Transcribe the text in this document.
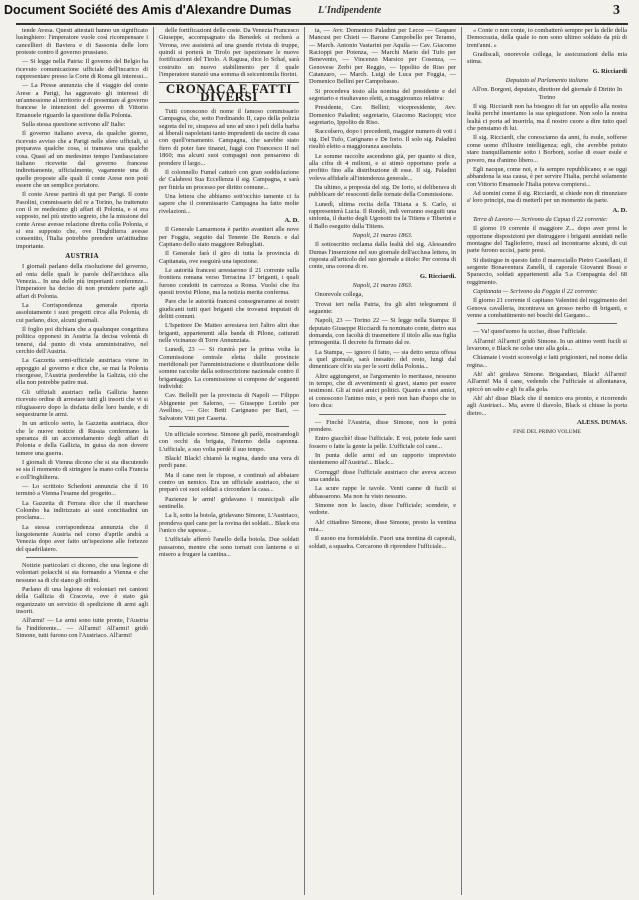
Document Société des Amis d'Alexandre Dumas	L'Indipendente	3

tende Avesa. Questi attestati hanno un significato lusinghiero: l'imperatore vuole così ricompensare i cancellieri di Baviera e di Sassonia delle loro proteste contro il governo prussiano.

— Si legge nella Patria: Il governo del Belgio ha ricevuto comunicazione ufficiale dell'incarico di rappresentare presso la Corte di Roma gli interessi...

— La Presse annunzia che il viaggio del conte Arese a Parigi, ha aggravato gli interessi di un'annessione al territorio e di presentare al governo francese le intenzioni del governo di Vittorio Emanuele riguardo la questione della Polonia.

Sulla stessa questione scrivono all' Italie:

Il governo italiano aveva, da qualche giorno, ricevuto avviso che a Parigi nelle sfere ufficiali, si preparava qualche cosa, si tramava una qualche cosa. Quasi ad un medesimo tempo l'ambasciatore italiano ricevette dal governo francese indirettamente, ufficialmente, vagamente una di quelle proposte alle quali il conte Arese non poté essere che un semplice portatore.

Il conte Arese partirà di qui per Parigi. Il conte Pasolini, commissario del re a Torino, ha trattenuto con il re medesimo gli affari di Polonia, e si era supposto, nel più stretto segreto, che la missione del conte Arese avesse relazione diretta colla Polonia, e si era supposto che, ove l'Inghilterra avesse consentito, l'Italia potrebbe prendere un'attitudine importante.

AUSTRIA

I giornali parlano della risoluzione del governo, ad onta delle quali le parole dell'arciduca alla Venezia... In una delle più importanti conferenze... l'imperatore ha deciso di non prendere parte agli affari di Polonia.

La Corrispondenza generale riporta assolutamente i suoi progetti circa alla Polonia, di cui parlano, dice, alcuni giornali.

Il foglio poi dichiara che a qualunque congettura politica opponesi in Austria la decisa volontà di tenersi, dal punto di vista amministrativo, nel cerchio dell'Austria.

La Gazzetta semi-ufficiale austriaca viene in appoggio al governo e dice che, se mai la Polonia risorgesse, l'Austria perderebbe la Galizia, ciò che ella non potrebbe patire mai.

Gli uffiziali austriaci nella Gallizia hanno ricevuto ordine di arrestare tutti gli insorti che vi si rifugiassero dopo la disfatta delle loro bande, e di sequestrarne le armi.

In un articolo serio, la Gazzetta austriaca, dice che le nuove notizie di Russia confermano la speranza di un accomodamento degli affari di Polonia e della Gallizia, in guisa da non dovere temere una guerra.

I giornali di Vienna dicono che si sta discutendo se sia il momento di stringere la mano colla Francia e coll'Inghilterra.

— Lo scrittoio Schedoni annunzia che il 16 terminò a Vienna l'esame del progetto...

La Gazzetta di Ferrara dice che il marchese Colombo ha indirizzato ai suoi concittadini un proclama...

La stessa corrispondenza annunzia che il luogotenente Austria nel corso d'aprile andrà a Venezia dopo aver fatto un'ispezione alle fortezze del quadrilatero.

Notizie particolari ci dicono, che una legione di volontari polacchi si sta formando a Vienna e che nessuno sa di chi siano gli ordini.

Parlano di una legione di volontari nei cantoni della Gallizia di Cracovia, ove è stato già organizzato un servizio di spedizione di armi agli insorti.

All'armi! — Le armi sono tutte pronte, l'Austria fa l'indiferente... — All'armi! All'armi! gridò Simone, tutti furono con l'Austriaco. All'armi!

delle fortificazioni delle coste. Da Venezia Francesco Giuseppe, accompagnato da Benedek si recherà a Verona, ove assisterà ad una grande rivista di truppe, quindi si porterà in Tirolo per ispezionare le nuove fortificazioni del Tirolo. A Ragusa, dice lo Schaf, sarà costruito un nuovo stabilimento per il quale l'imperatore stanziò una somma di seicentomila fiorini.

CRONACA E FATTI DIVERSI

Tutti conoscono di nome il famoso commissario Campagna, che, sotto Ferdinando II, capo della polizia segreta del re, strapava ad uno ad uno i peli della barba ai liberali napoletani tanto imprudenti da uscire di casa con quell'ornamento. Campagna, che sarebbe stato fiero di poter fare tinanzi, fuggì con Francesco II nel 1860; ma alcuni suoi compagni non pensarono di prendere il largo...

Il colonnello Fumel catturò con gran soddisfazione de' Calabresi Sua Eccellenza il sig. Campagna, e sarà per finirla un processo per diritto comune...

Una lettera che abbiamo sott'occhio tamente ci fa sapere che il commissario Campagna ha fatto molte rivelazioni...

A. D.

Il Generale Lamarmora è partito avantieri alle nove per Foggia, seguito dal Tenente De Renzis e dal Capitano dello stato maggiore Rebugliati.

Il Generale farà il giro di tutta la provincia di Capitanata, ove eseguirà una ispezione.

Le autorità francesi arrestarono il 21 corrente sulla frontiera romana verso Terracina 17 briganti, i quali furono condotti in carrozza a Roma. Vuolsi che fra questi trovisi Pilone, ma la notizia merita conferma.

Pare che le autorità francesi consegneranno ai nostri giudicanti tutti quei briganti che trovansi imputati di delitti comuni.

L'Ispettore De Matteo arrestava ieri l'altro altri due briganti, appartenenti alla banda di Pilone, catturati nelle vicinanze di Torre Annunziata.

Lunedì, 23 — Si riunirà per la prima volta la Commissione centrale eletta dalle provincie meridionali per l'amministrazione e distribuzione delle somme raccolte dalla sottoscrizione nazionale contro il brigantaggio. La commissione si compone de' seguenti individui:

Cav. Bellelli per la provincia di Napoli — Filippo Abignente per Salerno, — Giuseppe Lorido per Avellino, — Gio: Betti Carignano per Bari, — Salvatore Vitti per Caserta.

Un ufficiale scortese. Simone gli parlò, mostrandogli con occhi da brigata, l'interno della caponna. L'ufficiale, a suo volta perdé il suo tempo.

Black! Black! chiamò la regina, dando una vera di perdi pane.

Ma il cane non le rispose, e continuò ad abbaiare contro un nemico. Era un ufficiale austriaco, che si preparò coi suoi soldati a circondare la casa...

Pazienze le armi! gridavano i municipali alle sentinelle.

La li, sotto la botola, gridavano Simone, L'Austriaco, prendeva quel cane per la rovina dei soldati... Black era l'unico che sapesse...

L'ufficiale afferrò l'anello della botola. Due soldati passarono, mentre che sono tornati con lanterne e si misero a frugare la cantina...

ta, — Avv. Domenico Paladini per Lecce — Gaspare Mancusi per Chieti — Barone Campobello per Teramo, — March. Antonio Vastarini per Aquila — Cav. Giacomo Racioppi per Potenza, — Marchi Mario del Tufo per Benevento, — Vincenzo Marsico per Cosenza, — Genovese Zerbi per Reggio, — Ippolito de Riso per Catanzaro, — March. Luigi de Luca per Foggia, — Domenico Bellini per Campobasso.

Si procedeva tosto alla nomina del presidente e del segretario e risultavano eletti, a maggioranza relativa:

Presidente, Cav. Bellini; vicepresidente, Avv. Domenico Paladini; segretario, Giacomo Racioppi; vice segretario, Ippolito de Riso.

Raccolsero, dopo i precedenti, maggior numero di voti i sig. Del Tufo, Carignano e De Iorio. Il solo sig. Paladini risultò eletto a maggioranza assoluta.

Le somme raccolte ascendono già, per quanto si dice, alla cifra di 4 milioni, e si stimò opportuno porle a profitto fino alla distribuzione di esse. Il sig. Paladini voleva affidarle all'intendenza generale...

Da ultimo, a proposta del sig. De Iorio, si deliberava di pubblicare de' resoconti delle tornate della Commissione.

Lunedì, ultima recita della Titiana a S. Carlo, si rappresenterà Lucia. Il Rondò, indi verranno eseguiti una sinfonia, il duetto degli Ugonotti tra la Titiens e Tiberini e il Ballo eseguito dalla Titiens.

Napoli, 21 marzo 1863.

Il sottoscritto reclama dalla lealtà del sig. Alessandro Dumas l'inserzione nel suo giornale dell'acclusa lettera, in risposta all'articolo del suo giornale a titolo: Per corona di conte, una corona di re.

G. Ricciardi.

Napoli, 21 marzo 1863.

Onorevole collega,

Trovai ieri nella Patria, fra gli altri telegrammi il seguente:

Napoli, 23 — Torino 22 — Si legge nella Stampa: Il deputato Giuseppe Ricciardi fu nominato conte, dietro sua domanda, con facoltà di trasmettere il titolo alla sua figlia primogenita. Il decreto fu firmato dal re.

La Stampa, — ignoro il fatto, — sia detto senza offesa a quel giornale, sarà inesatto: del resto, lungi dal dimenticare ch'io sia per le sorti della Polonia...

Altre aggiungerei, se l'argomento lo meritasse, nessuno in tempo, che di avvenimenti sì gravi, siamo per essere testimoni. Gli ai miei amici politici. Quanto a miei amici, ei conoscono l'animo mio, e però non han d'uopo che io loro dica:

— Finchè l'Austria, disse Simone, non lo potrà prendere.

Entro giacchè! disse l'ufficiale. E voi, potete fede sarei fossero o fatte la gente la pelle. L'ufficiale col cane...

In punta delle armi ed un rapporto imprevisto nientemeno all'Austria!... Black...

Corruggi! disse l'ufficiale austriaco che aveva acceso una candela.

La scure rappe le tavole. Venti canne di fucili si abbassarono. Ma non fu visto nessuno.

Simone non lo lascio, disse l'ufficiale; scendete, e vedrete.

Ah! cittadino Simone, disse Simone, presto la ventina mia...

Il suono era formidabile. Fuori una trentina di caporali, soldati, a squadra. Cercarono di riprendere l'ufficiale...

« Conte o non conte, io combatterò sempre per la delle della Democrazia, della quale io non sono ultimo soldato da più di trent'anni. »

Gradiscali, onorevole collega, le assicurazioni della mia stima.

G. Ricciardi

Deputato al Parlamento italiano

All'on. Borgoni, deputato, direttore del giornale il Diritto In Torino

Il sig. Ricciardi non ha bisogno di far un appello alla nostra lealtà perchè inseriamo la sua spiegazione. Non solo la nostra lealtà ci porta ad inserirla, ma il nostro cuore a dire tutto quel che pensiamo di lui.

Il sig. Ricciardi, che conosciamo da anni, fu esule, sofferse come uomo d'illustre intelligenza; egli, che avrebbe potuto stare tranquillamente sotto i Borboni, scelse di esser esule e povero, ma d'animo libero...

Egli nacque, come noi, e fu sempre repubblicano; e se oggi abbandona la sua causa, è per servire l'Italia, perchè solamente con Vittorio Emanuele l'Italia poteva compiersi...

Ad uomini come il sig. Ricciardi, si chiede non di rinunziare a' loro principi, ma di metterli per un momento da parte.

A. D.

Terra di Lavoro — Scrivono da Capua il 22 corrente:

Il giorno 19 corrente il maggiore Z... dopo aver presi le opportune disposizioni per distruggere i briganti annidati nelle montagne del Taglioferro, riuscì ad incontrarne alcuni, di cui parte furono uccisi, parte presi.

Si distingue in questo fatto il maresciallo Pietro Castellani, il sergente Bonaventura Zanelli, il caporale Giovanni Bossi e Sparaccio, soldati appartenenti alla 5.a Compagnia del 68 reggimento.

Capitanata — Scrivono da Foggia il 22 corrente:

Il giorno 21 corrente il capitano Valentini del reggimento dei Genova cavalleria, incontrava un grosso nerbo di briganti, e venne a combattimento nei boschi del Gargano...

— Va! quest'uomo fu ucciso, disse l'ufficiale.

All'armi! All'armi! gridò Simone. In un attimo venti fucili si levarono, e Black ne colse uno alla gola...

Chiamate i vostri sconvolgi e fatti prigionieri, nel nome della regina...

Ah! ah! gridava Simone. Brigandani, Black! All'armi! All'armi! Ma il cane, vedendo che l'ufficiale si allontanava, spiccò un salto e gli fu alla gola.

Ah! ah! disse Black che il nemico era pronto, e ricorrendo agli Austriaci... Ma, avere il diavolo, Black si chiuse la porta dietro...

ALESS. DUMAS.

FINE DEL PRIMO VOLUME
